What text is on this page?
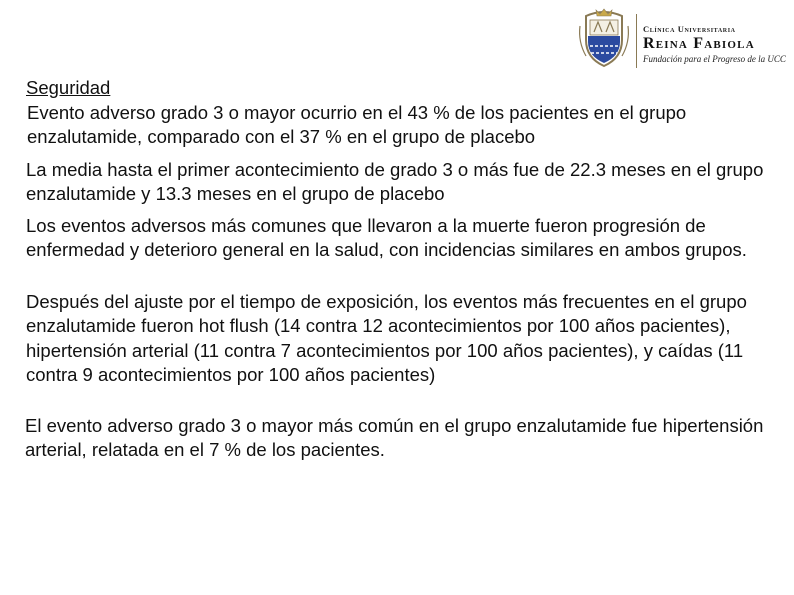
Clínica Universitaria
Reina Fabiola
Fundación para el Progreso de la UCC

Seguridad

Evento adverso grado 3 o mayor ocurrio en el 43 % de los pacientes en el grupo enzalutamide, comparado con el 37 % en el grupo de placebo

La media hasta el primer acontecimiento de grado 3 o más fue de 22.3 meses en el grupo enzalutamide y 13.3 meses en el grupo de placebo

Los eventos adversos más comunes que llevaron a la muerte fueron progresión de enfermedad y deterioro general en la salud, con incidencias similares en ambos grupos.

Después del ajuste por el tiempo de exposición, los eventos más frecuentes en el grupo enzalutamide fueron hot flush (14 contra 12 acontecimientos por 100 años pacientes), hipertensión arterial (11 contra 7 acontecimientos por 100 años pacientes), y caídas (11 contra 9 acontecimientos por 100 años pacientes)

El evento adverso grado 3 o mayor más común en el grupo enzalutamide fue hipertensión arterial, relatada en el 7 % de los pacientes.
